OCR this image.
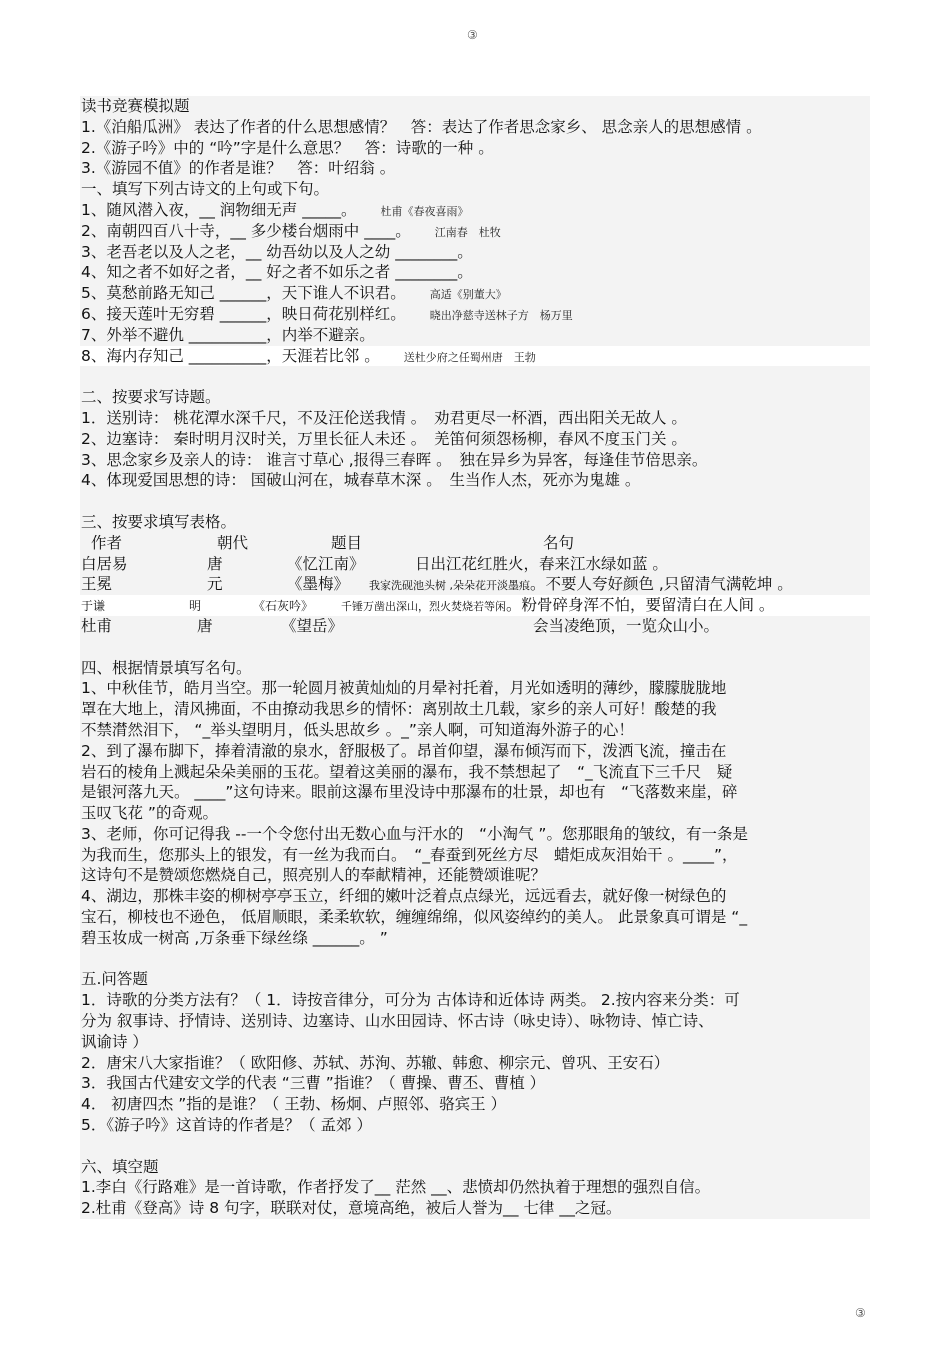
③
读书竞赛模拟题
1.《泊船瓜洲》 表达了作者的什么思想感情？　答：表达了作者思念家乡、 思念亲人的思想感情 。
2.《游子吟》中的 “吟”字是什么意思？　答：诗歌的一种 。
3.《游园不值》的作者是谁？　答：叶绍翁 。
一、填写下列古诗文的上句或下句。
1、随风潜入夜，__ 润物细无声 _____。 杜甫《春夜喜雨》
2、南朝四百八十寺，__ 多少楼台烟雨中 ____。 江南春　杜牧
3、老吾老以及人之老，__ 幼吾幼以及人之幼 ________。
4、知之者不如好之者，__ 好之者不如乐之者 ________。
5、莫愁前路无知己 ______，天下谁人不识君。 高适《别董大》
6、接天莲叶无穷碧 ______，映日荷花别样红。 晓出净慈寺送林子方　杨万里
7、外举不避仇 __________，内举不避亲。
8、海内存知己 __________，天涯若比邻 。 送杜少府之任蜀州唐　王勃
二、按要求写诗题。
1．送别诗： 桃花潭水深千尺，不及汪伦送我情 。　劝君更尽一杯酒，西出阳关无故人 。
2、边塞诗： 秦时明月汉时关，万里长征人未还 。　羌笛何须怨杨柳，春风不度玉门关 。
3、思念家乡及亲人的诗： 谁言寸草心 ,报得三春晖 。　独在异乡为异客，每逢佳节倍思亲。
4、体现爱国思想的诗： 国破山河在，城春草木深 。　生当作人杰，死亦为鬼雄 。
三、按要求填写表格。
作者	朝代	题目	名句
白居易	唐	《忆江南》	日出江花红胜火，春来江水绿如蓝 。
王冕	元	《墨梅》 我家洗砚池头树 ,朵朵花开淡墨痕。不要人夸好颜色 ,只留清气满乾坤 。
于谦	明	《石灰吟》	千锤万凿出深山，烈火焚烧若等闲。粉骨碎身浑不怕，要留清白在人间 。
杜甫	唐	《望岳》	会当凌绝顶，一览众山小。
四、根据情景填写名句。
1、中秋佳节，皓月当空。那一轮圆月被黄灿灿的月晕衬托着，月光如透明的薄纱，朦朦胧胧地
罩在大地上，清风拂面，不由撩动我思乡的情怀：离别故土几载，家乡的亲人可好！酸楚的我
不禁潸然泪下， “_举头望明月，低头思故乡 。_”亲人啊，可知道海外游子的心！
2、到了瀑布脚下，捧着清澈的泉水，舒服极了。昂首仰望，瀑布倾泻而下，泼洒飞流，撞击在
岩石的棱角上溅起朵朵美丽的玉花。望着这美丽的瀑布，我不禁想起了　“_飞流直下三千尺　疑
是银河落九天。 ____”这句诗来。眼前这瀑布里没诗中那瀑布的壮景，却也有　“飞落数来崖，碎
玉叹飞花 ”的奇观。
3、老师，你可记得我 --一个令您付出无数心血与汗水的　“小淘气 ”。您那眼角的皱纹，有一条是
为我而生，您那头上的银发，有一丝为我而白。　“_春蚕到死丝方尽　蜡炬成灰泪始干 。____”，
这诗句不是赞颂您燃烧自己，照亮别人的奉献精神，还能赞颂谁呢？
4、湖边，那株丰姿的柳树亭亭玉立，纤细的嫩叶泛着点点绿光，远远看去，就好像一树绿色的
宝石，柳枝也不逊色， 低眉顺眼，柔柔软软，缠缠绵绵，似风姿绰约的美人。 此景象真可谓是 “_
碧玉妆成一树高 ,万条垂下绿丝绦 ______。 ”
五.问答题
1．诗歌的分类方法有？（ 1．诗按音律分，可分为 古体诗和近体诗 两类。 2.按内容来分类：可
分为 叙事诗、抒情诗、送别诗、边塞诗、山水田园诗、怀古诗（咏史诗）、咏物诗、悼亡诗、
讽谕诗 ）
2．唐宋八大家指谁？（ 欧阳修、苏轼、苏洵、苏辙、韩愈、柳宗元、曾巩、王安石）
3．我国古代建安文学的代表 “三曹 ”指谁？（ 曹操、曹丕、曹植 ）
4． 初唐四杰 ”指的是谁？（ 王勃、杨炯、卢照邻、骆宾王 ）
5．《游子吟》这首诗的作者是？（ 孟郊 ）
六、填空题
1.李白《行路难》是一首诗歌，作者抒发了__ 茫然 __、悲愤却仍然执着于理想的强烈自信。
2.杜甫《登高》诗 8 句字，联联对仗，意境高绝，被后人誉为__ 七律 __之冠。
③
